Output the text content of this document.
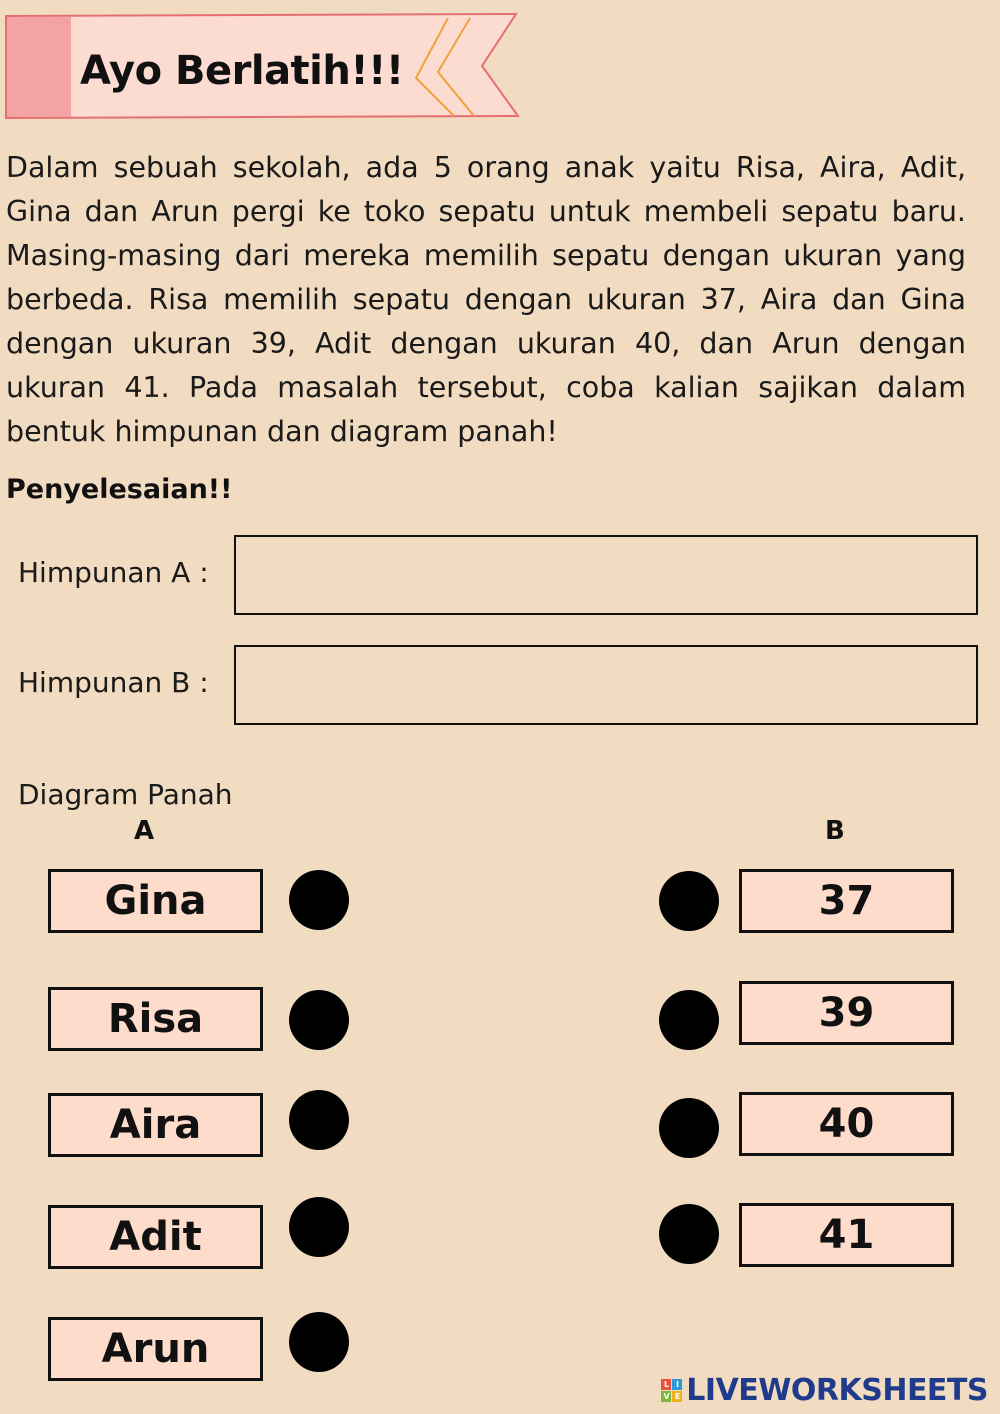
Ayo Berlatih!!!
Dalam sebuah sekolah, ada 5 orang anak yaitu Risa, Aira, Adit, Gina dan Arun pergi ke toko sepatu untuk membeli sepatu baru. Masing-masing dari mereka memilih sepatu dengan ukuran yang berbeda. Risa memilih sepatu dengan ukuran 37, Aira dan Gina dengan ukuran 39, Adit dengan ukuran 40, dan Arun dengan ukuran 41. Pada masalah tersebut, coba kalian sajikan dalam bentuk himpunan dan diagram panah!
Penyelesaian!!
Himpunan A :
Himpunan B :
Diagram Panah
A	B
Gina
Risa
Aira
Adit
Arun
37
39
40
41
L I
V E LIVEWORKSHEETS
